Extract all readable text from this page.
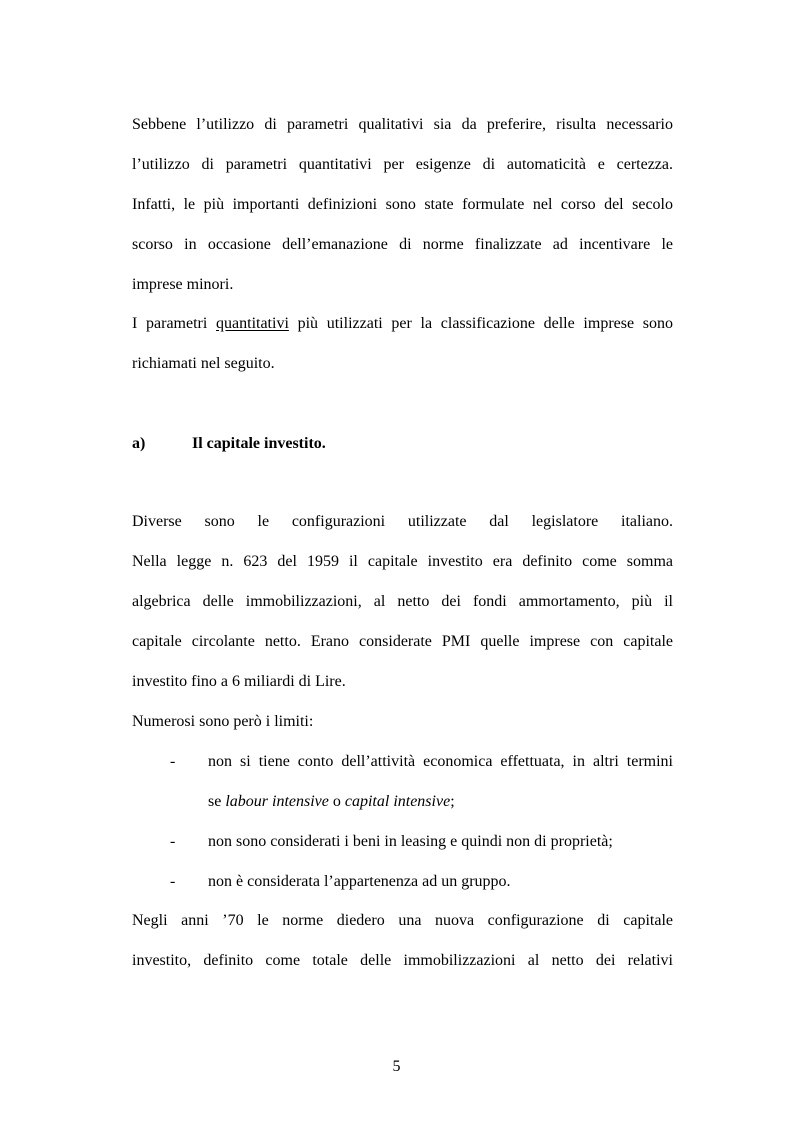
Sebbene l’utilizzo di parametri qualitativi sia da preferire, risulta necessario
l’utilizzo di parametri quantitativi per esigenze di automaticità e certezza.
Infatti, le più importanti definizioni sono state formulate nel corso del secolo
scorso in occasione dell’emanazione di norme finalizzate ad incentivare le
imprese minori.
I parametri quantitativi più utilizzati per la classificazione delle imprese sono
richiamati nel seguito.
a)	Il capitale investito.
Diverse sono le configurazioni utilizzate dal legislatore italiano.
Nella legge n. 623 del 1959 il capitale investito era definito come somma
algebrica delle immobilizzazioni, al netto dei fondi ammortamento, più il
capitale circolante netto. Erano considerate PMI quelle imprese con capitale
investito fino a 6 miliardi di Lire.
Numerosi sono però i limiti:
- non si tiene conto dell’attività economica effettuata, in altri termini
se labour intensive o capital intensive;
- non sono considerati i beni in leasing e quindi non di proprietà;
- non è considerata l’appartenenza ad un gruppo.
Negli anni ’70 le norme diedero una nuova configurazione di capitale
investito, definito come totale delle immobilizzazioni al netto dei relativi
5
